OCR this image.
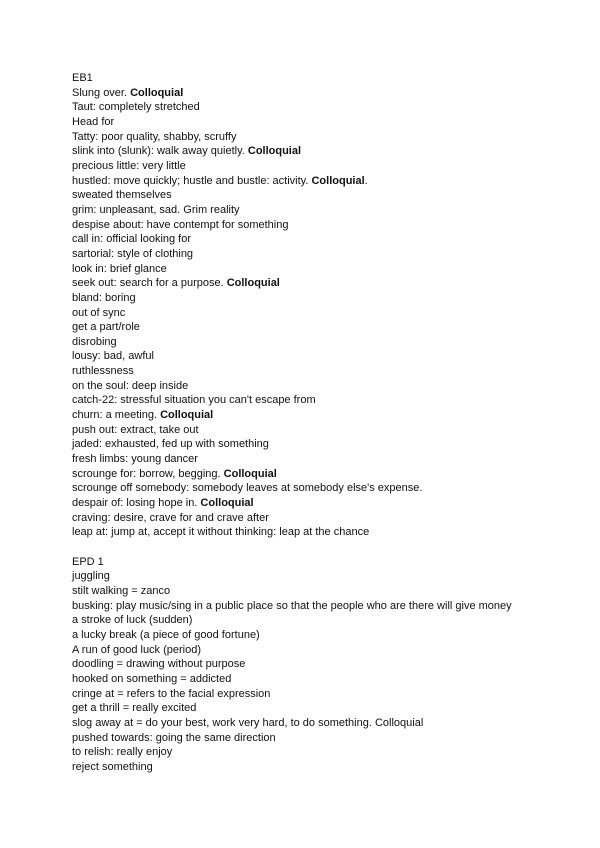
EB1
Slung over. Colloquial
Taut: completely stretched
Head for
Tatty: poor quality, shabby, scruffy
slink into (slunk): walk away quietly. Colloquial
precious little: very little
hustled: move quickly; hustle and bustle: activity. Colloquial.
sweated themselves
grim: unpleasant, sad. Grim reality
despise about: have contempt for something
call in: official looking for
sartorial: style of clothing
look in: brief glance
seek out: search for a purpose. Colloquial
bland: boring
out of sync
get a part/role
disrobing
lousy: bad, awful
ruthlessness
on the soul: deep inside
catch-22: stressful situation you can't escape from
churn: a meeting. Colloquial
push out: extract, take out
jaded: exhausted, fed up with something
fresh limbs: young dancer
scrounge for: borrow, begging. Colloquial
scrounge off somebody: somebody leaves at somebody else's expense.
despair of: losing hope in. Colloquial
craving: desire, crave for and crave after
leap at: jump at, accept it without thinking: leap at the chance
EPD 1
juggling
stilt walking = zanco
busking: play music/sing in a public place so that the people who are there will give money
a stroke of luck (sudden)
a lucky break (a piece of good fortune)
A run of good luck (period)
doodling = drawing without purpose
hooked on something = addicted
cringe at = refers to the facial expression
get a thrill = really excited
slog away at = do your best, work very hard, to do something. Colloquial
pushed towards: going the same direction
to relish: really enjoy
reject something
